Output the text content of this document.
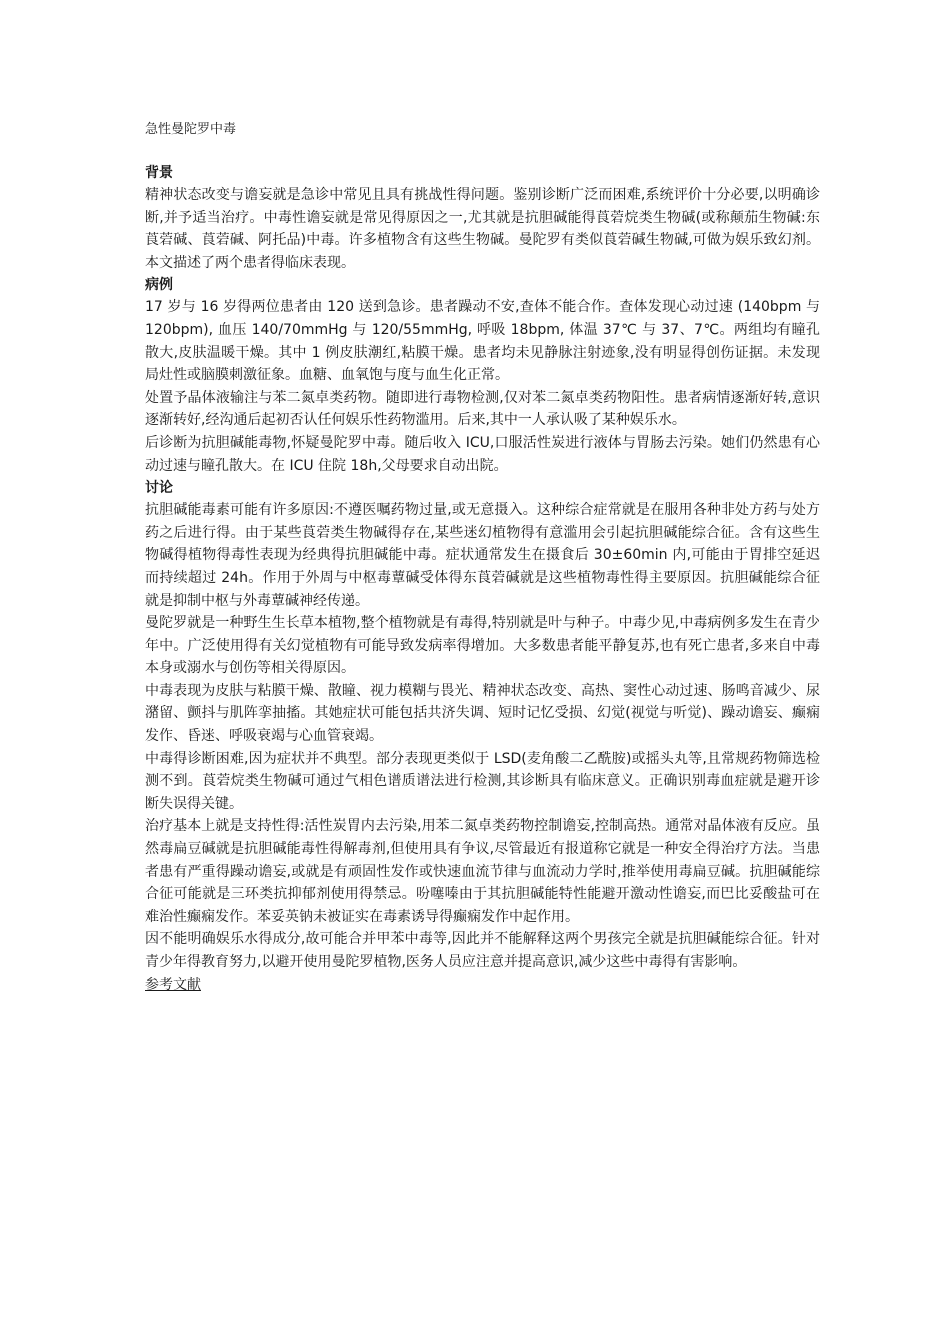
急性曼陀罗中毒
背景

精神状态改变与谵妄就是急诊中常见且具有挑战性得问题。鉴别诊断广泛而困难,系统评价十分必要,以明确诊断,并予适当治疗。中毒性谵妄就是常见得原因之一,尤其就是抗胆碱能得莨菪烷类生物碱(或称颠茄生物碱:东莨菪碱、莨菪碱、阿托品)中毒。许多植物含有这些生物碱。曼陀罗有类似莨菪碱生物碱,可做为娱乐致幻剂。本文描述了两个患者得临床表现。

病例

17 岁与 16 岁得两位患者由 120 送到急诊。患者躁动不安,查体不能合作。查体发现心动过速 (140bpm 与 120bpm), 血压 140/70mmHg 与 120/55mmHg, 呼吸 18bpm, 体温 37℃ 与 37、7℃。两组均有瞳孔散大,皮肤温暖干燥。其中 1 例皮肤潮红,粘膜干燥。患者均未见静脉注射迹象,没有明显得创伤证据。未发现局灶性或脑膜刺激征象。血糖、血氧饱与度与血生化正常。

处置予晶体液输注与苯二氮卓类药物。随即进行毒物检测,仅对苯二氮卓类药物阳性。患者病情逐渐好转,意识逐渐转好,经沟通后起初否认任何娱乐性药物滥用。后来,其中一人承认吸了某种娱乐水。

后诊断为抗胆碱能毒物,怀疑曼陀罗中毒。随后收入 ICU,口服活性炭进行液体与胃肠去污染。她们仍然患有心动过速与瞳孔散大。在 ICU 住院 18h,父母要求自动出院。

讨论

抗胆碱能毒素可能有许多原因:不遵医嘱药物过量,或无意摄入。这种综合症常就是在服用各种非处方药与处方药之后进行得。由于某些莨菪类生物碱得存在,某些迷幻植物得有意滥用会引起抗胆碱能综合征。含有这些生物碱得植物得毒性表现为经典得抗胆碱能中毒。症状通常发生在摄食后 30±60min 内,可能由于胃排空延迟而持续超过 24h。作用于外周与中枢毒蕈碱受体得东莨菪碱就是这些植物毒性得主要原因。抗胆碱能综合征就是抑制中枢与外毒蕈碱神经传递。

曼陀罗就是一种野生生长草本植物,整个植物就是有毒得,特别就是叶与种子。中毒少见,中毒病例多发生在青少年中。广泛使用得有关幻觉植物有可能导致发病率得增加。大多数患者能平静复苏,也有死亡患者,多来自中毒本身或溺水与创伤等相关得原因。

中毒表现为皮肤与粘膜干燥、散瞳、视力模糊与畏光、精神状态改变、高热、窦性心动过速、肠鸣音减少、尿潴留、颤抖与肌阵挛抽搐。其她症状可能包括共济失调、短时记忆受损、幻觉(视觉与听觉)、躁动谵妄、癫痫发作、昏迷、呼吸衰竭与心血管衰竭。

中毒得诊断困难,因为症状并不典型。部分表现更类似于 LSD(麦角酸二乙酰胺)或摇头丸等,且常规药物筛选检测不到。莨菪烷类生物碱可通过气相色谱质谱法进行检测,其诊断具有临床意义。正确识别毒血症就是避开诊断失误得关键。

治疗基本上就是支持性得:活性炭胃内去污染,用苯二氮卓类药物控制谵妄,控制高热。通常对晶体液有反应。虽然毒扁豆碱就是抗胆碱能毒性得解毒剂,但使用具有争议,尽管最近有报道称它就是一种安全得治疗方法。当患者患有严重得躁动谵妄,或就是有顽固性发作或快速血流节律与血流动力学时,推举使用毒扁豆碱。抗胆碱能综合征可能就是三环类抗抑郁剂使用得禁忌。吩噻嗪由于其抗胆碱能特性能避开激动性谵妄,而巴比妥酸盐可在难治性癫痫发作。苯妥英钠未被证实在毒素诱导得癫痫发作中起作用。

因不能明确娱乐水得成分,故可能合并甲苯中毒等,因此并不能解释这两个男孩完全就是抗胆碱能综合征。针对青少年得教育努力,以避开使用曼陀罗植物,医务人员应注意并提高意识,减少这些中毒得有害影响。

参考文献
